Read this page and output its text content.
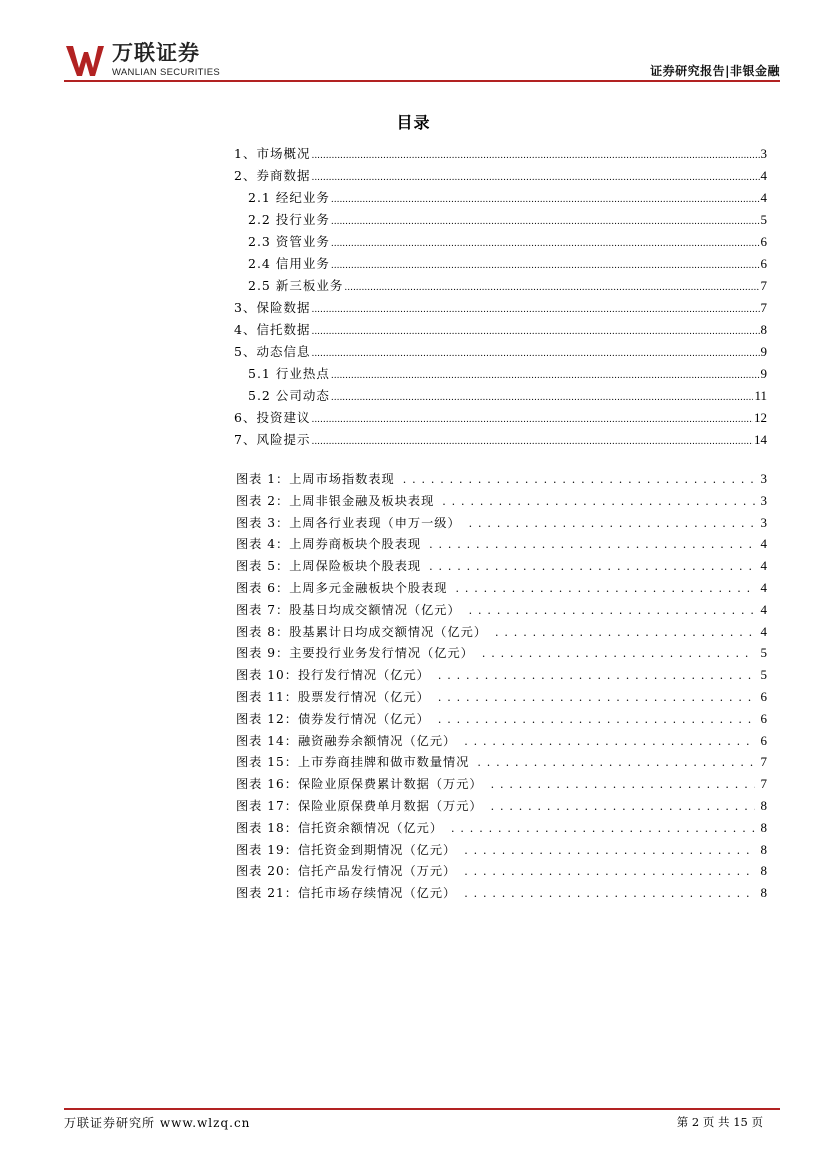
万联证券
WANLIAN SECURITIES	证券研究报告|非银金融
目录
1、市场概况 .....	3
2、券商数据 .....	4
2.1 经纪业务 .....	4
2.2 投行业务 .....	5
2.3 资管业务 .....	6
2.4 信用业务 .....	6
2.5 新三板业务 .....	7
3、保险数据 .....	7
4、信托数据 .....	8
5、动态信息 .....	9
5.1 行业热点 .....	9
5.2 公司动态 .....	11
6、投资建议 .....	12
7、风险提示 .....	14
图表 1：上周市场指数表现 . . .	3
图表 2：上周非银金融及板块表现 . . .	3
图表 3：上周各行业表现（申万一级） . . .	3
图表 4：上周券商板块个股表现 . . .	4
图表 5：上周保险板块个股表现 . . .	4
图表 6：上周多元金融板块个股表现 . . .	4
图表 7：股基日均成交额情况（亿元） . . .	4
图表 8：股基累计日均成交额情况（亿元） . . .	4
图表 9：主要投行业务发行情况（亿元） . . .	5
图表 10：投行发行情况（亿元） . . .	5
图表 11：股票发行情况（亿元） . . .	6
图表 12：债券发行情况（亿元） . . .	6
图表 14：融资融券余额情况（亿元） . . .	6
图表 15：上市券商挂牌和做市数量情况 . . .	7
图表 16：保险业原保费累计数据（万元） . . .	7
图表 17：保险业原保费单月数据（万元） . . .	8
图表 18：信托资余额情况（亿元） . . .	8
图表 19：信托资金到期情况（亿元） . . .	8
图表 20：信托产品发行情况（万元） . . .	8
图表 21：信托市场存续情况（亿元） . . .	8
万联证券研究所 www.wlzq.cn	第 2 页 共 15 页
